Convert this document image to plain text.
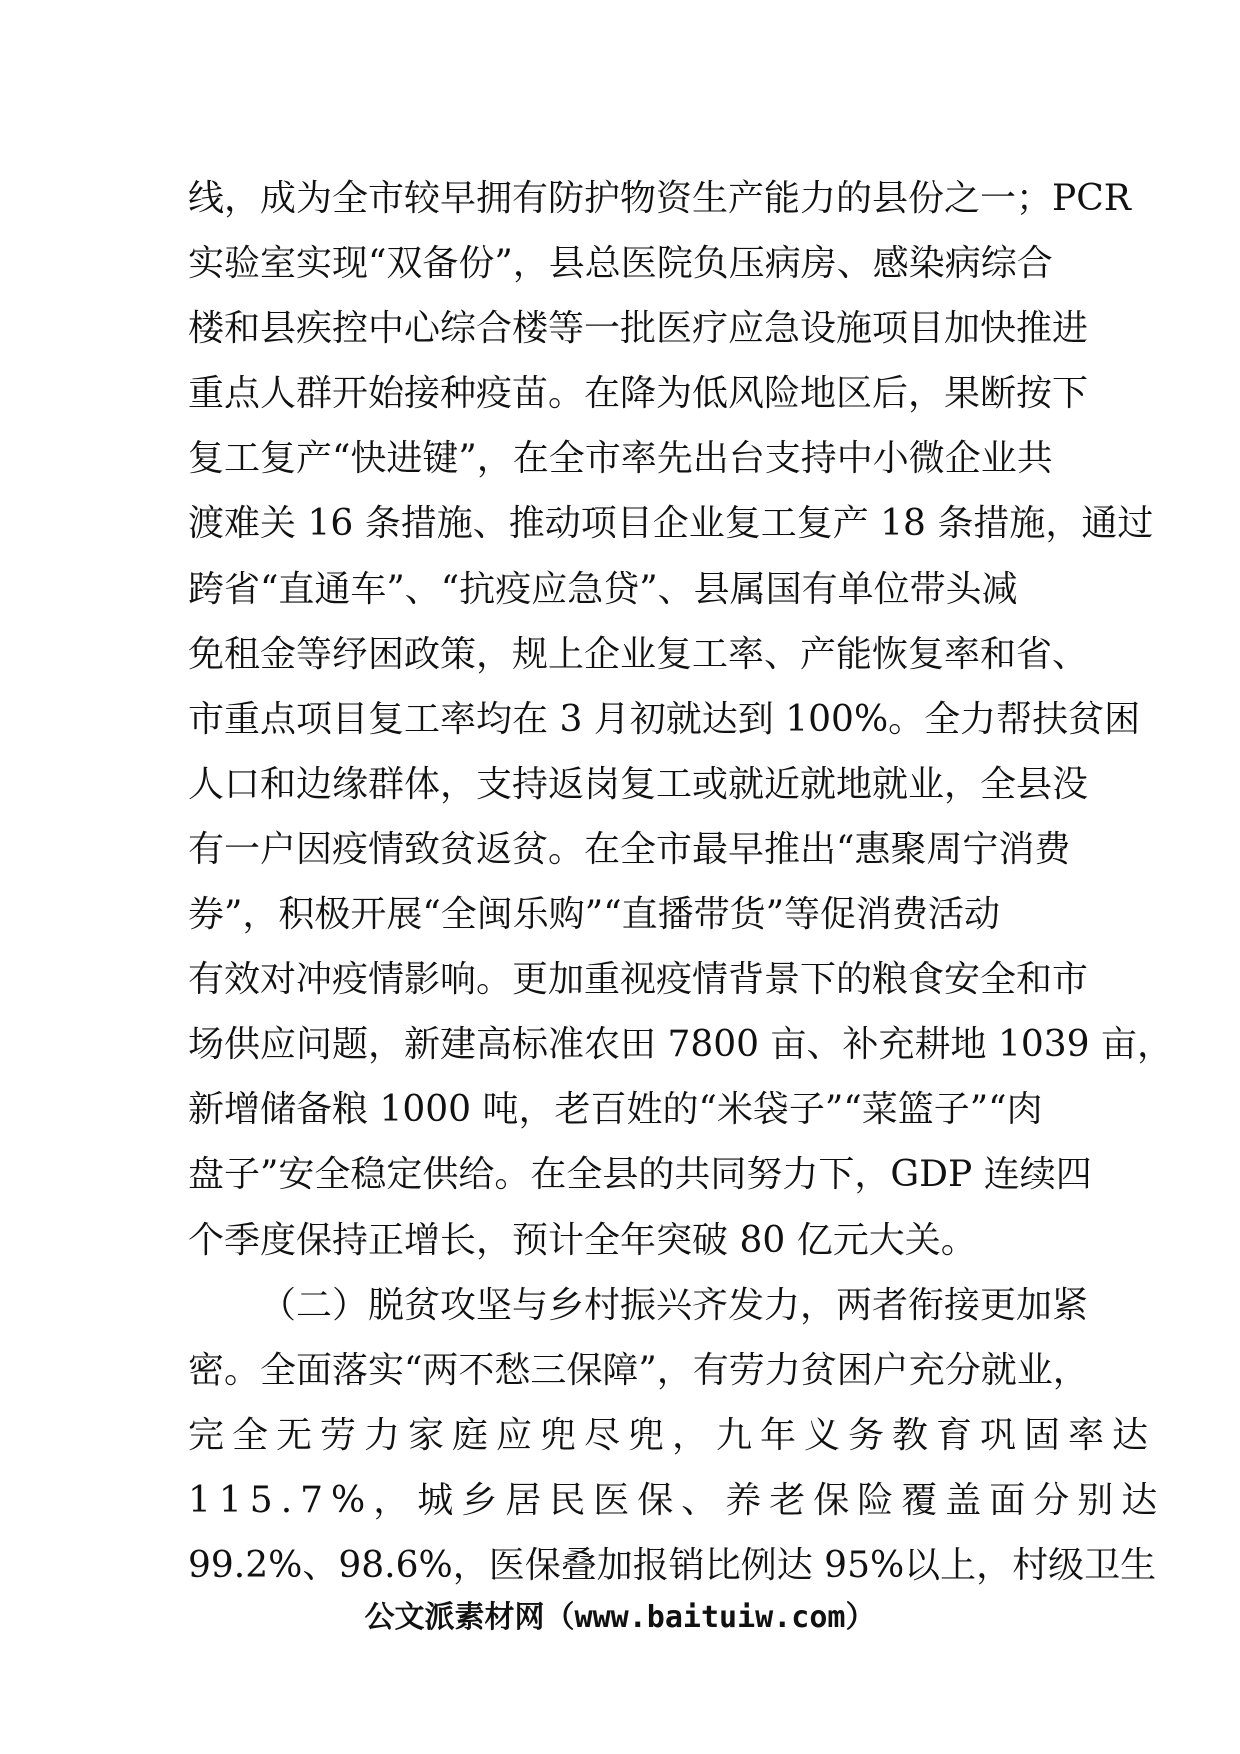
线，成为全市较早拥有防护物资生产能力的县份之一；PCR
实验室实现“双备份”，县总医院负压病房、感染病综合
楼和县疾控中心综合楼等一批医疗应急设施项目加快推进
重点人群开始接种疫苗。在降为低风险地区后，果断按下
复工复产“快进键”，在全市率先出台支持中小微企业共
渡难关 16 条措施、推动项目企业复工复产 18 条措施，通过
跨省“直通车”、“抗疫应急贷”、县属国有单位带头减
免租金等纾困政策，规上企业复工率、产能恢复率和省、
市重点项目复工率均在 3 月初就达到 100%。全力帮扶贫困
人口和边缘群体，支持返岗复工或就近就地就业，全县没
有一户因疫情致贫返贫。在全市最早推出“惠聚周宁消费
券”，积极开展“全闽乐购”“直播带货”等促消费活动
有效对冲疫情影响。更加重视疫情背景下的粮食安全和市
场供应问题，新建高标准农田 7800 亩、补充耕地 1039 亩，
新增储备粮 1000 吨，老百姓的“米袋子”“菜篮子”“肉
盘子”安全稳定供给。在全县的共同努力下，GDP 连续四
个季度保持正增长，预计全年突破 80 亿元大关。
（二）脱贫攻坚与乡村振兴齐发力，两者衔接更加紧
密。全面落实“两不愁三保障”，有劳力贫困户充分就业，
完全无劳力家庭应兜尽兜，九年义务教育巩固率达
115.7%，城乡居民医保、养老保险覆盖面分别达
99.2%、98.6%，医保叠加报销比例达 95%以上，村级卫生
公文派素材网（www.baituiw.com）
